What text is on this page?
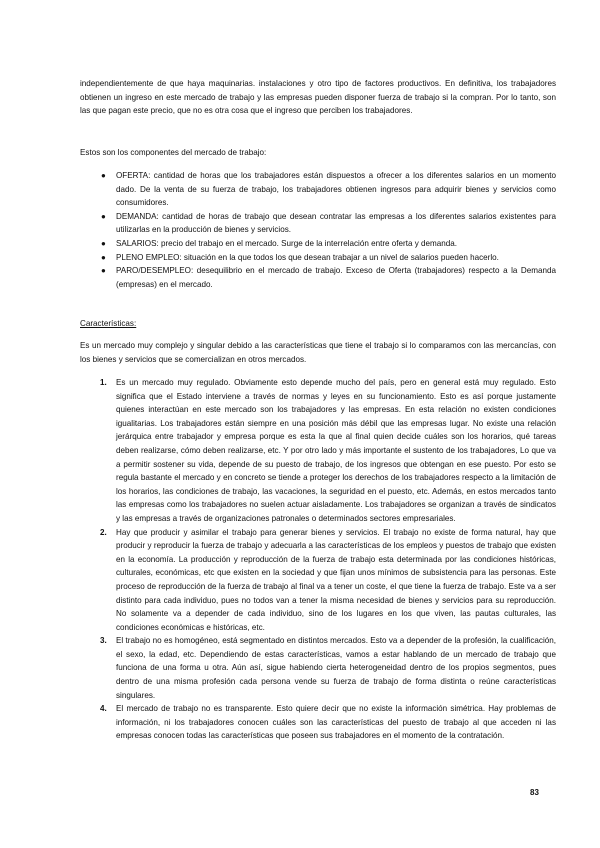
independientemente de que haya maquinarias. instalaciones y otro tipo de factores productivos. En definitiva, los trabajadores obtienen un ingreso en este mercado de trabajo y las empresas pueden disponer fuerza de trabajo si la compran. Por lo tanto, son las que pagan este precio, que no es otra cosa que el ingreso que perciben los trabajadores.

Estos son los componentes del mercado de trabajo:

● OFERTA: cantidad de horas que los trabajadores están dispuestos a ofrecer a los diferentes salarios en un momento dado. De la venta de su fuerza de trabajo, los trabajadores obtienen ingresos para adquirir bienes y servicios como consumidores.
● DEMANDA: cantidad de horas de trabajo que desean contratar las empresas a los diferentes salarios existentes para utilizarlas en la producción de bienes y servicios.
● SALARIOS: precio del trabajo en el mercado. Surge de la interrelación entre oferta y demanda.
● PLENO EMPLEO: situación en la que todos los que desean trabajar a un nivel de salarios pueden hacerlo.
● PARO/DESEMPLEO: desequilibrio en el mercado de trabajo. Exceso de Oferta (trabajadores) respecto a la Demanda (empresas) en el mercado.

Características:

Es un mercado muy complejo y singular debido a las características que tiene el trabajo si lo comparamos con las mercancías, con los bienes y servicios que se comercializan en otros mercados.

1. Es un mercado muy regulado. Obviamente esto depende mucho del país, pero en general está muy regulado. Esto significa que el Estado interviene a través de normas y leyes en su funcionamiento. Esto es así porque justamente quienes interactúan en este mercado son los trabajadores y las empresas. En esta relación no existen condiciones igualitarias. Los trabajadores están siempre en una posición más débil que las empresas lugar. No existe una relación jerárquica entre trabajador y empresa porque es esta la que al final quien decide cuáles son los horarios, qué tareas deben realizarse, cómo deben realizarse, etc. Y por otro lado y más importante el sustento de los trabajadores, Lo que va a permitir sostener su vida, depende de su puesto de trabajo, de los ingresos que obtengan en ese puesto. Por esto se regula bastante el mercado y en concreto se tiende a proteger los derechos de los trabajadores respecto a la limitación de los horarios, las condiciones de trabajo, las vacaciones, la seguridad en el puesto, etc. Además, en estos mercados tanto las empresas como los trabajadores no suelen actuar aisladamente. Los trabajadores se organizan a través de sindicatos y las empresas a través de organizaciones patronales o determinados sectores empresariales.
2. Hay que producir y asimilar el trabajo para generar bienes y servicios. El trabajo no existe de forma natural, hay que producir y reproducir la fuerza de trabajo y adecuarla a las características de los empleos y puestos de trabajo que existen en la economía. La producción y reproducción de la fuerza de trabajo esta determinada por las condiciones históricas, culturales, económicas, etc que existen en la sociedad y que fijan unos mínimos de subsistencia para las personas. Este proceso de reproducción de la fuerza de trabajo al final va a tener un coste, el que tiene la fuerza de trabajo. Este va a ser distinto para cada individuo, pues no todos van a tener la misma necesidad de bienes y servicios para su reproducción. No solamente va a depender de cada individuo, sino de los lugares en los que viven, las pautas culturales, las condiciones económicas e históricas, etc.
3. El trabajo no es homogéneo, está segmentado en distintos mercados. Esto va a depender de la profesión, la cualificación, el sexo, la edad, etc. Dependiendo de estas características, vamos a estar hablando de un mercado de trabajo que funciona de una forma u otra. Aún así, sigue habiendo cierta heterogeneidad dentro de los propios segmentos, pues dentro de una misma profesión cada persona vende su fuerza de trabajo de forma distinta o reúne características singulares.
4. El mercado de trabajo no es transparente. Esto quiere decir que no existe la información simétrica. Hay problemas de información, ni los trabajadores conocen cuáles son las características del puesto de trabajo al que acceden ni las empresas conocen todas las características que poseen sus trabajadores en el momento de la contratación.

83
